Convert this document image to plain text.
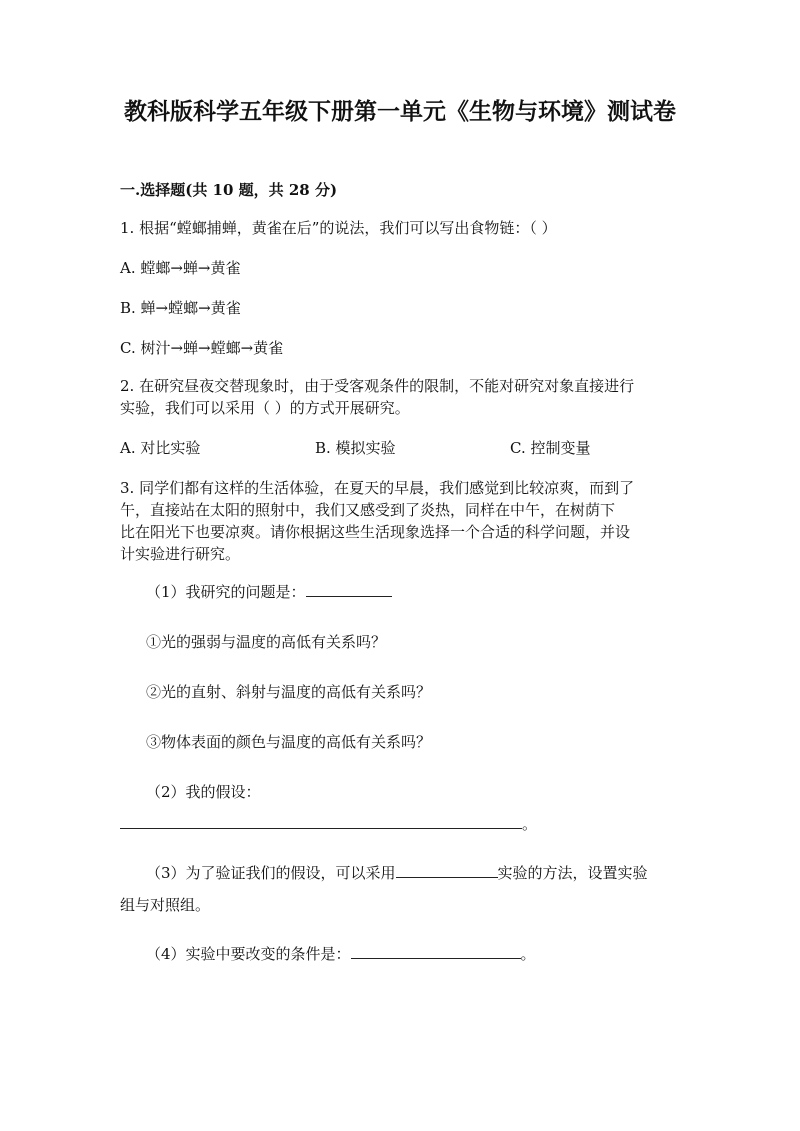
教科版科学五年级下册第一单元《生物与环境》测试卷
一.选择题(共 10 题，共 28 分)
1. 根据“螳螂捕蝉，黄雀在后”的说法，我们可以写出食物链：（ ）
A. 螳螂→蝉→黄雀
B. 蝉→螳螂→黄雀
C. 树汁→蝉→螳螂→黄雀
2. 在研究昼夜交替现象时，由于受客观条件的限制，不能对研究对象直接进行
实验，我们可以采用（ ）的方式开展研究。
A. 对比实验	B. 模拟实验	C. 控制变量
3. 同学们都有这样的生活体验，在夏天的早晨，我们感觉到比较凉爽，而到了
午，直接站在太阳的照射中，我们又感受到了炎热，同样在中午，在树荫下
比在阳光下也要凉爽。请你根据这些生活现象选择一个合适的科学问题，并设
计实验进行研究。
（1）我研究的问题是：
①光的强弱与温度的高低有关系吗？
②光的直射、斜射与温度的高低有关系吗？
③物体表面的颜色与温度的高低有关系吗？
（2）我的假设：
。
（3）为了验证我们的假设，可以采用	实验的方法，设置实验
组与对照组。
（4）实验中要改变的条件是：	。
